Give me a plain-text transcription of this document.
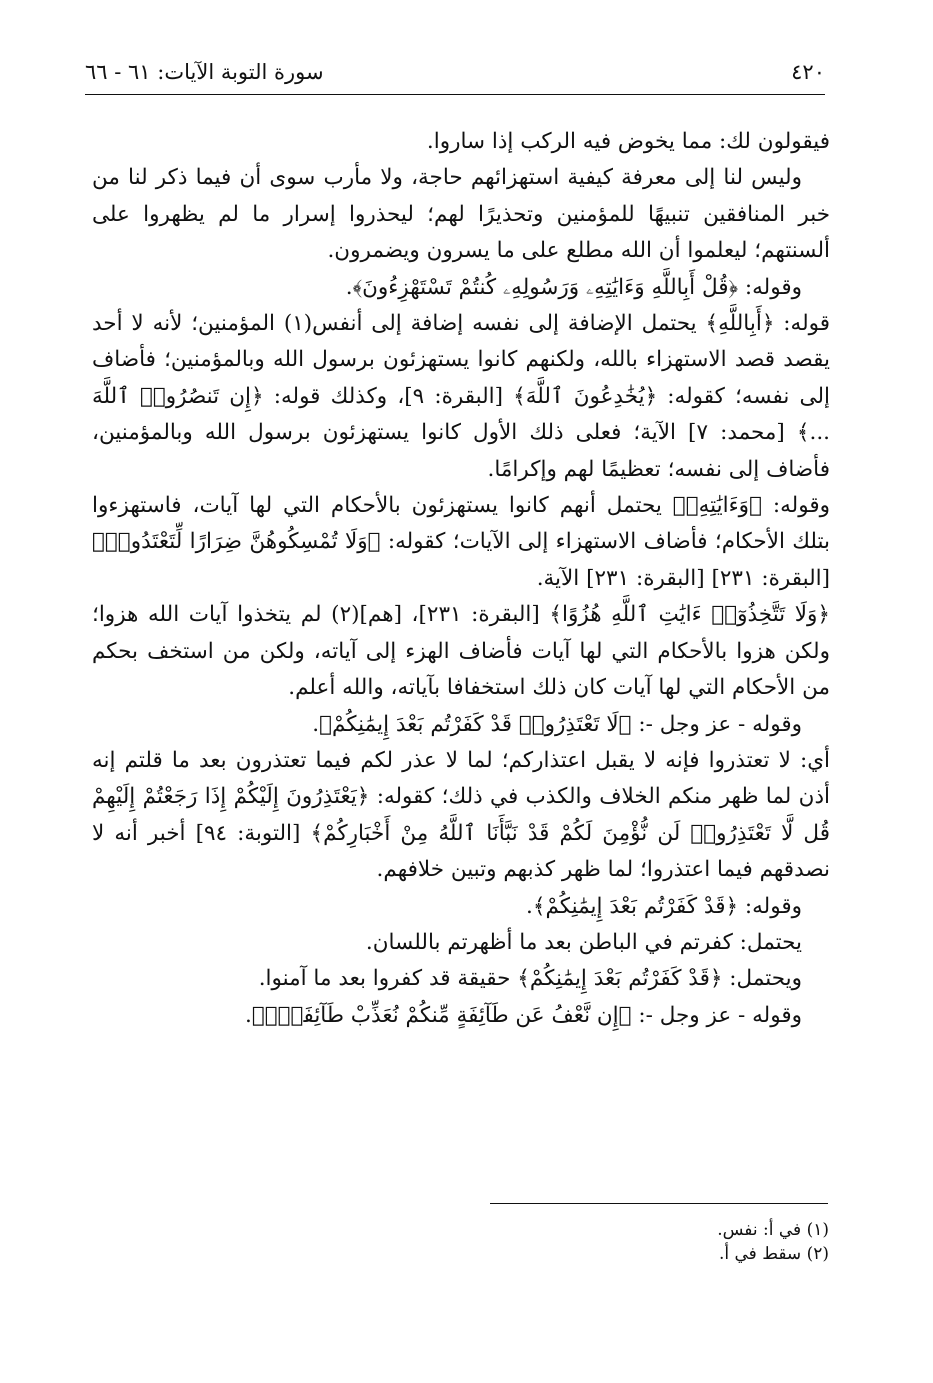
٤٢٠
سورة التوبة الآيات: ٦١ - ٦٦

فيقولون لك: مما يخوض فيه الركب إذا ساروا.

وليس لنا إلى معرفة كيفية استهزائهم حاجة، ولا مأرب سوى أن فيما ذكر لنا من خبر المنافقين تنبيهًا للمؤمنين وتحذيرًا لهم؛ ليحذروا إسرار ما لم يظهروا على ألسنتهم؛ ليعلموا أن الله مطلع على ما يسرون ويضمرون.

وقوله: ﴿قُلْ أَبِاللَّهِ وَءَايَٰتِهِۦ وَرَسُولِهِۦ كُنتُمْ تَسْتَهْزِءُونَ﴾.

قوله: ﴿أَبِاللَّهِ﴾ يحتمل الإضافة إلى نفسه إضافة إلى أنفس(١) المؤمنين؛ لأنه لا أحد يقصد قصد الاستهزاء بالله، ولكنهم كانوا يستهزئون برسول الله وبالمؤمنين؛ فأضاف إلى نفسه؛ كقوله: ﴿يُخَٰدِعُونَ ٱللَّهَ﴾ [البقرة: ٩]، وكذلك قوله: ﴿إِن تَنصُرُوا۟ ٱللَّهَ ...﴾ [محمد: ٧] الآية؛ فعلى ذلك الأول كانوا يستهزئون برسول الله وبالمؤمنين، فأضاف إلى نفسه؛ تعظيمًا لهم وإكرامًا.

وقوله: ﴿وَءَايَٰتِهِۦ﴾ يحتمل أنهم كانوا يستهزئون بالأحكام التي لها آيات، فاستهزءوا بتلك الأحكام؛ فأضاف الاستهزاء إلى الآيات؛ كقوله: ﴿وَلَا تُمْسِكُوهُنَّ ضِرَارًا لِّتَعْتَدُوا۟﴾ [البقرة: ٢٣١] [البقرة: ٢٣١] الآية.

﴿وَلَا تَتَّخِذُوٓا۟ ءَايَٰتِ ٱللَّهِ هُزُوًا﴾ [البقرة: ٢٣١]، [هم](٢) لم يتخذوا آيات الله هزوا؛ ولكن هزوا بالأحكام التي لها آيات فأضاف الهزء إلى آياته، ولكن من استخف بحكم من الأحكام التي لها آيات كان ذلك استخفافا بآياته، والله أعلم.

وقوله - عز وجل -: ﴿لَا تَعْتَذِرُوا۟ قَدْ كَفَرْتُم بَعْدَ إِيمَٰنِكُمْ﴾.

أي: لا تعتذروا فإنه لا يقبل اعتذاركم؛ لما لا عذر لكم فيما تعتذرون بعد ما قلتم إنه أذن لما ظهر منكم الخلاف والكذب في ذلك؛ كقوله: ﴿يَعْتَذِرُونَ إِلَيْكُمْ إِذَا رَجَعْتُمْ إِلَيْهِمْ قُل لَّا تَعْتَذِرُوا۟ لَن نُّؤْمِنَ لَكُمْ قَدْ نَبَّأَنَا ٱللَّهُ مِنْ أَخْبَارِكُمْ﴾ [التوبة: ٩٤] أخبر أنه لا نصدقهم فيما اعتذروا؛ لما ظهر كذبهم وتبين خلافهم.

وقوله: ﴿قَدْ كَفَرْتُم بَعْدَ إِيمَٰنِكُمْ﴾.

يحتمل: كفرتم في الباطن بعد ما أظهرتم باللسان.

ويحتمل: ﴿قَدْ كَفَرْتُم بَعْدَ إِيمَٰنِكُمْ﴾ حقيقة قد كفروا بعد ما آمنوا.

وقوله - عز وجل -: ﴿إِن نَّعْفُ عَن طَآئِفَةٍ مِّنكُمْ نُعَذِّبْ طَآئِفَةًۢ﴾.

(١) في أ: نفس.
(٢) سقط في أ.
